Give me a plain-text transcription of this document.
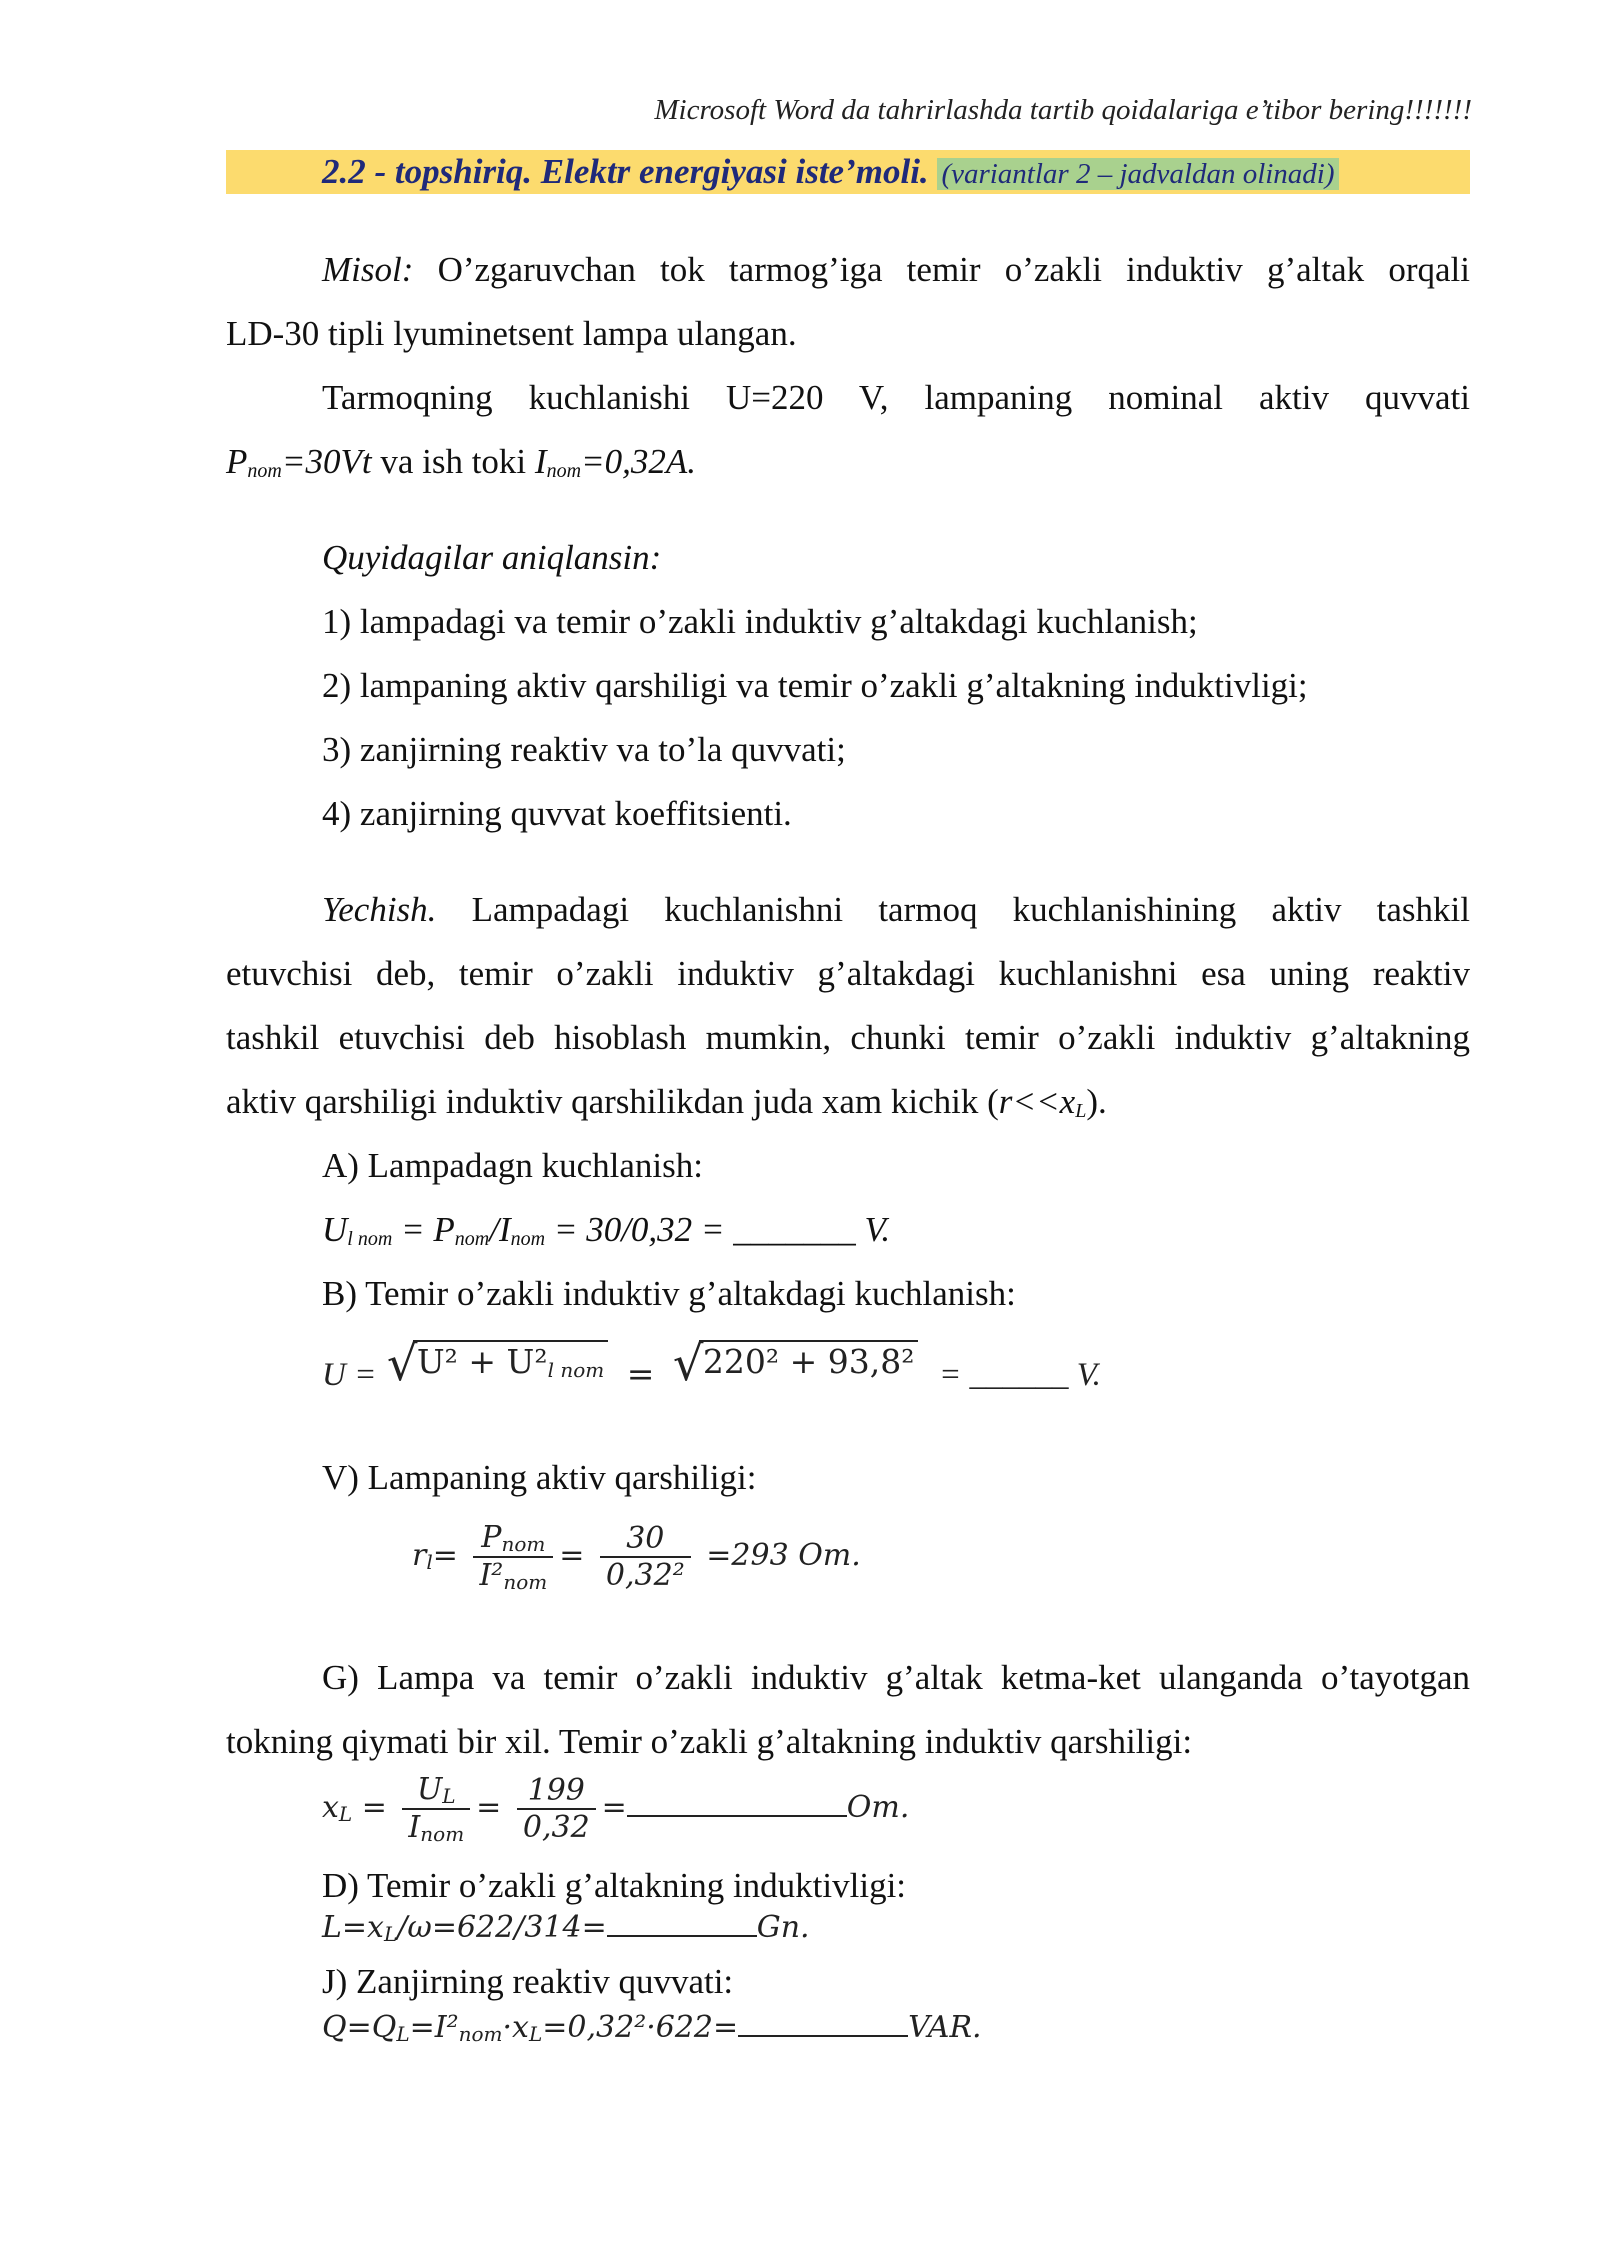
Microsoft Word da tahrirlashda tartib qoidalariga e’tibor bering!!!!!!!
2.2 - topshiriq. Elektr energiyasi iste’moli. (variantlar 2 – jadvaldan olinadi)
Misol: O’zgaruvchan tok tarmog’iga temir o’zakli induktiv g’altak orqali
LD-30 tipli lyuminetsent lampa ulangan.
Tarmoqning kuchlanishi U=220 V, lampaning nominal aktiv quvvati
$P_{nom}=30Vt$ va ish toki $I_{nom}=0,32A$.
Quyidagilar aniqlansin:
1) lampadagi va temir o’zakli induktiv g’altakdagi kuchlanish;
2) lampaning aktiv qarshiligi va temir o’zakli g’altakning induktivligi;
3) zanjirning reaktiv va to’la quvvati;
4) zanjirning quvvat koeffitsienti.
Yechish. Lampadagi kuchlanishni tarmoq kuchlanishining aktiv tashkil
etuvchisi deb, temir o’zakli induktiv g’altakdagi kuchlanishni esa uning reaktiv
tashkil etuvchisi deb hisoblash mumkin, chunki temir o’zakli induktiv g’altakning
aktiv qarshiligi induktiv qarshilikdan juda xam kichik $(r<<x_L)$.
A) Lampadagn kuchlanish:
$U_{l nom} = P_{nom}/I_{nom} = 30/0,32$ = _______ V.
B) Temir o’zakli induktiv g’altakdagi kuchlanish:
U = √ $U^2 + U^2_{l nom}$ = √ 220² + 93,8² = ______ V.
V) Lampaning aktiv qarshiligi:
$r_l= \frac{P_{nom}}{I^2_{nom}} = \frac{30}{\text{0,32²}} =293$ Om.
G) Lampa va temir o’zakli induktiv g’altak ketma-ket ulanganda o’tayotgan
tokning qiymati bir xil. Temir o’zakli g’altakning induktiv qarshiligi:
$x_L = \frac{U_L}{I_{nom}} = \frac{199}{0,32}$ =	Om.
D) Temir o’zakli g’altakning induktivligi:
$L=x_L/\omega=622/314=$	Gn.
J) Zanjirning reaktiv quvvati:
$Q=Q_L=I^2_{nom}\cdot x_L=0,32^2\cdot 622=$	VAR.
